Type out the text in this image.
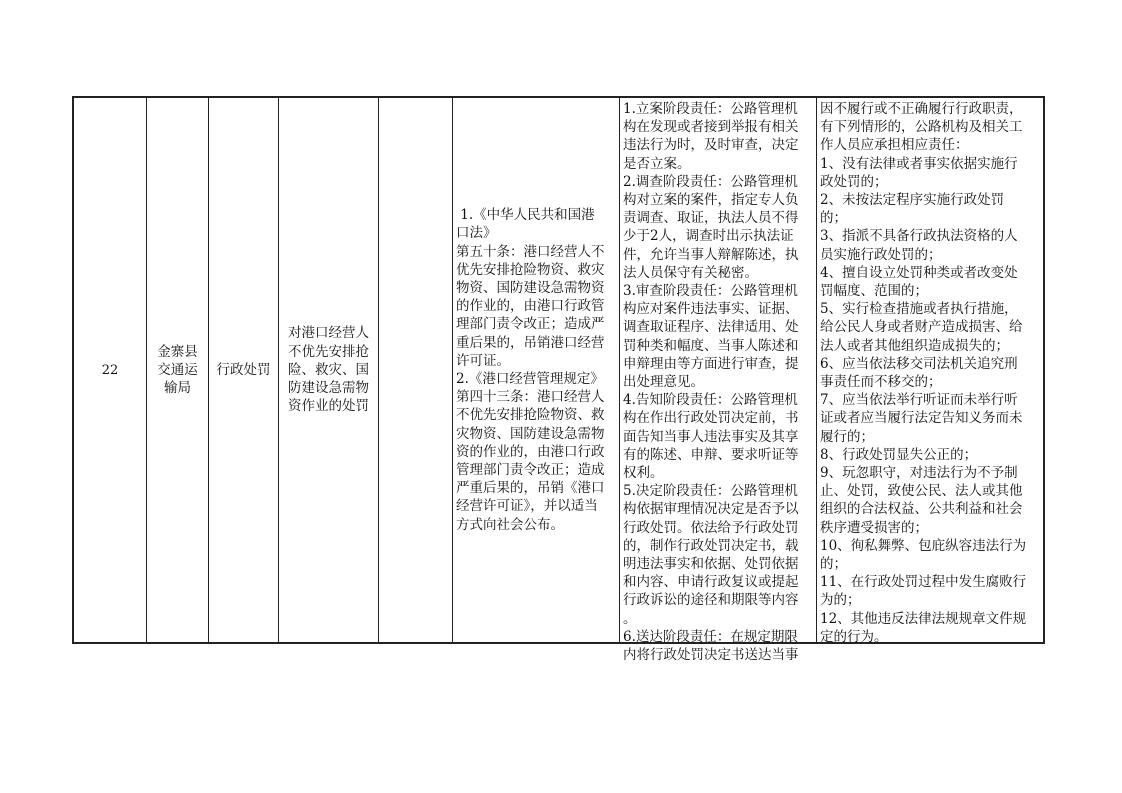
22
金寨县
交通运
输局
行政处罚
对港口经营人
不优先安排抢
险、救灾、国
防建设急需物
资作业的处罚
1.《中华人民共和国港
口法》
第五十条：港口经营人不
优先安排抢险物资、救灾
物资、国防建设急需物资
的作业的，由港口行政管
理部门责令改正；造成严
重后果的，吊销港口经营
许可证。
2.《港口经营管理规定》
第四十三条：港口经营人
不优先安排抢险物资、救
灾物资、国防建设急需物
资的作业的，由港口行政
管理部门责令改正；造成
严重后果的，吊销《港口
经营许可证》，并以适当
方式向社会公布。
1.立案阶段责任：公路管理机
构在发现或者接到举报有相关
违法行为时，及时审查，决定
是否立案。
2.调查阶段责任：公路管理机
构对立案的案件，指定专人负
责调查、取证，执法人员不得
少于2人，调查时出示执法证
件，允许当事人辩解陈述，执
法人员保守有关秘密。
3.审查阶段责任：公路管理机
构应对案件违法事实、证据、
调查取证程序、法律适用、处
罚种类和幅度、当事人陈述和
申辩理由等方面进行审查，提
出处理意见。
4.告知阶段责任：公路管理机
构在作出行政处罚决定前，书
面告知当事人违法事实及其享
有的陈述、申辩、要求听证等
权利。
5.决定阶段责任：公路管理机
构依据审理情况决定是否予以
行政处罚。依法给予行政处罚
的，制作行政处罚决定书，载
明违法事实和依据、处罚依据
和内容、申请行政复议或提起
行政诉讼的途径和期限等内容
。
6.送达阶段责任：在规定期限
内将行政处罚决定书送达当事
因不履行或不正确履行行政职责，
有下列情形的，公路机构及相关工
作人员应承担相应责任：
1、没有法律或者事实依据实施行
政处罚的；
2、未按法定程序实施行政处罚
的；
3、指派不具备行政执法资格的人
员实施行政处罚的；
4、擅自设立处罚种类或者改变处
罚幅度、范围的；
5、实行检查措施或者执行措施，
给公民人身或者财产造成损害、给
法人或者其他组织造成损失的；
6、应当依法移交司法机关追究刑
事责任而不移交的；
7、应当依法举行听证而未举行听
证或者应当履行法定告知义务而未
履行的；
8、行政处罚显失公正的；
9、玩忽职守，对违法行为不予制
止、处罚，致使公民、法人或其他
组织的合法权益、公共利益和社会
秩序遭受损害的；
10、徇私舞弊、包庇纵容违法行为
的；
11、在行政处罚过程中发生腐败行
为的；
12、其他违反法律法规规章文件规
定的行为。
